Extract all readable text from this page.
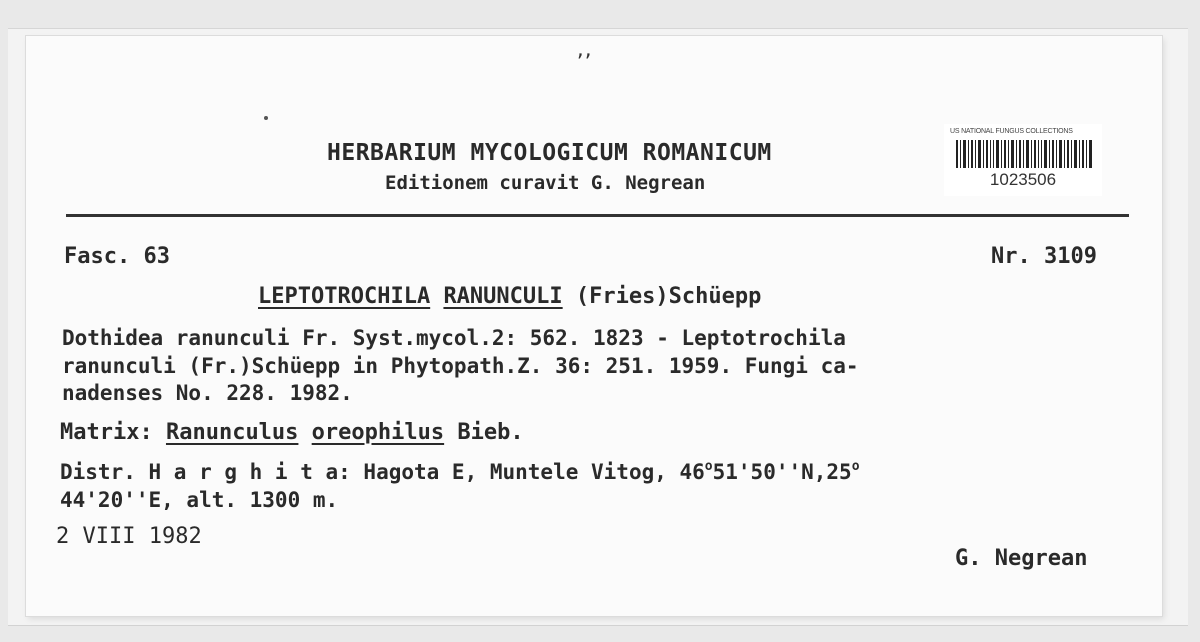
,,
HERBARIUM MYCOLOGICUM ROMANICUM
Editionem curavit G. Negrean
US NATIONAL FUNGUS COLLECTIONS
1023506
Fasc. 63	Nr. 3109
LEPTOTROCHILA RANUNCULI (Fries)Schüepp
Dothidea ranunculi Fr. Syst.mycol.2: 562. 1823 - Leptotrochila
ranunculi (Fr.)Schüepp in Phytopath.Z. 36: 251. 1959. Fungi ca-
nadenses No. 228. 1982.
Matrix: Ranunculus oreophilus Bieb.
Distr. H a r g h i t a: Hagota E, Muntele Vitog, 46$^o$51'50''N,25$^o$
44'20''E, alt. 1300 m.
2 VIII 1982
G. Negrean
